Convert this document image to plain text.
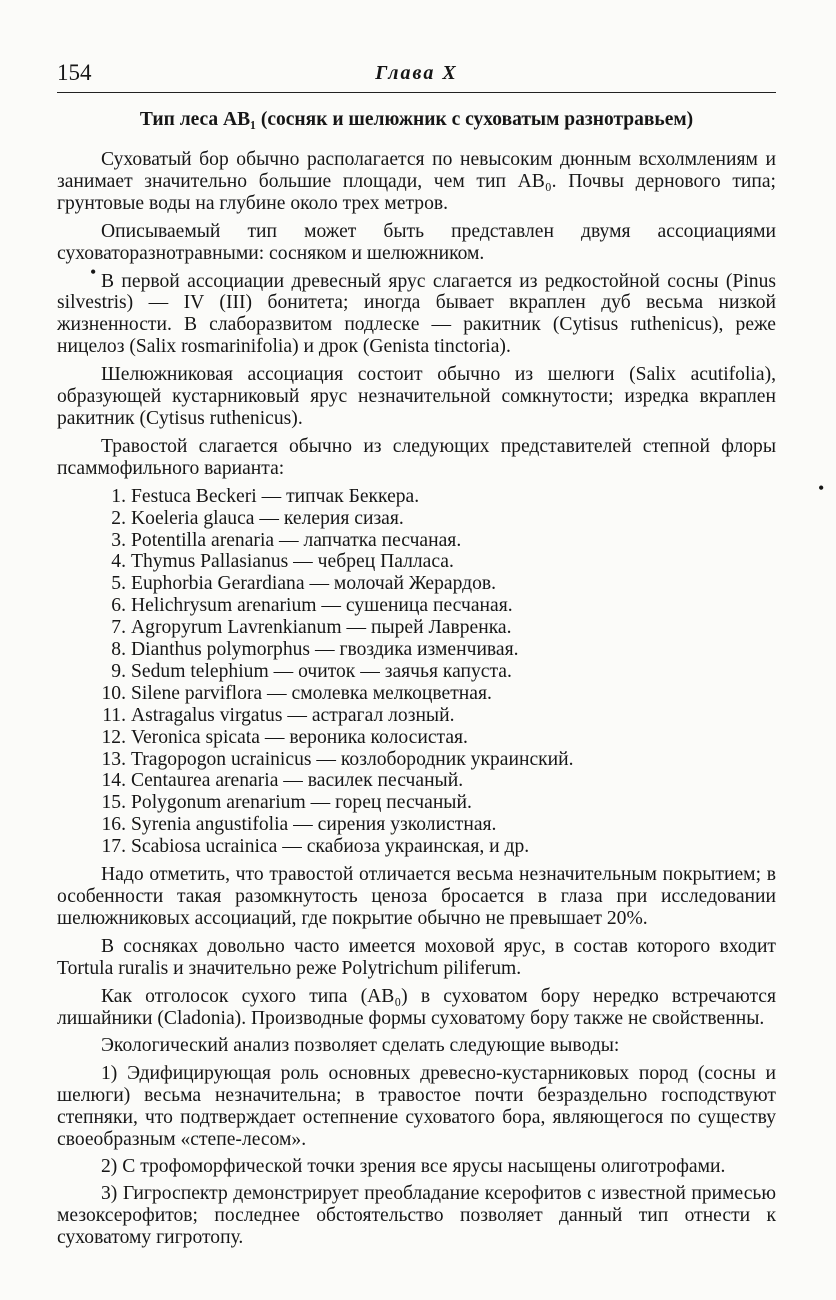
154	Глава X
•
•
Тип леса АВ₁ (сосняк и шелюжник с суховатым разнотравьем)

Суховатый бор обычно располагается по невысоким дюнным всхолмлениям и занимает значительно большие площади, чем тип АВ₀. Почвы дернового типа; грунтовые воды на глубине около трех метров.

Описываемый тип может быть представлен двумя ассоциациями суховаторазнотравными: сосняком и шелюжником.

В первой ассоциации древесный ярус слагается из редкостойной сосны (Pinus silvestris) — IV (III) бонитета; иногда бывает вкраплен дуб весьма низкой жизненности. В слаборазвитом подлеске — ракитник (Cytisus ruthenicus), реже ницелоз (Salix rosmarinifolia) и дрок (Genista tinctoria).

Шелюжниковая ассоциация состоит обычно из шелюги (Salix acutifolia), образующей кустарниковый ярус незначительной сомкнутости; изредка вкраплен ракитник (Cytisus ruthenicus).

Травостой слагается обычно из следующих представителей степной флоры псаммофильного варианта:

1. Festuca Beckeri — типчак Беккера.
2. Koeleria glauca — келерия сизая.
3. Potentilla arenaria — лапчатка песчаная.
4. Thymus Pallasianus — чебрец Палласа.
5. Euphorbia Gerardiana — молочай Жерардов.
6. Helichrysum arenarium — сушеница песчаная.
7. Agropyrum Lavrenkianum — пырей Лавренка.
8. Dianthus polymorphus — гвоздика изменчивая.
9. Sedum telephium — очиток — заячья капуста.
10. Silene parviflora — смолевка мелкоцветная.
11. Astragalus virgatus — астрагал лозный.
12. Veronica spicata — вероника колосистая.
13. Tragopogon ucrainicus — козлобородник украинский.
14. Centaurea arenaria — василек песчаный.
15. Polygonum arenarium — горец песчаный.
16. Syrenia angustifolia — сирения узколистная.
17. Scabiosa ucrainica — скабиоза украинская, и др.

Надо отметить, что травостой отличается весьма незначительным покрытием; в особенности такая разомкнутость ценоза бросается в глаза при исследовании шелюжниковых ассоциаций, где покрытие обычно не превышает 20%.

В сосняках довольно часто имеется моховой ярус, в состав которого входит Tortula ruralis и значительно реже Polytrichum piliferum.

Как отголосок сухого типа (АВ₀) в суховатом бору нередко встречаются лишайники (Cladonia). Производные формы суховатому бору также не свойственны.

Экологический анализ позволяет сделать следующие выводы:

1) Эдифицирующая роль основных древесно-кустарниковых пород (сосны и шелюги) весьма незначительна; в травостое почти безраздельно господствуют степняки, что подтверждает остепнение суховатого бора, являющегося по существу своеобразным «степе-лесом».

2) С трофоморфической точки зрения все ярусы насыщены олиготрофами.

3) Гигроспектр демонстрирует преобладание ксерофитов с известной примесью мезоксерофитов; последнее обстоятельство позволяет данный тип отнести к суховатому гигротопу.
